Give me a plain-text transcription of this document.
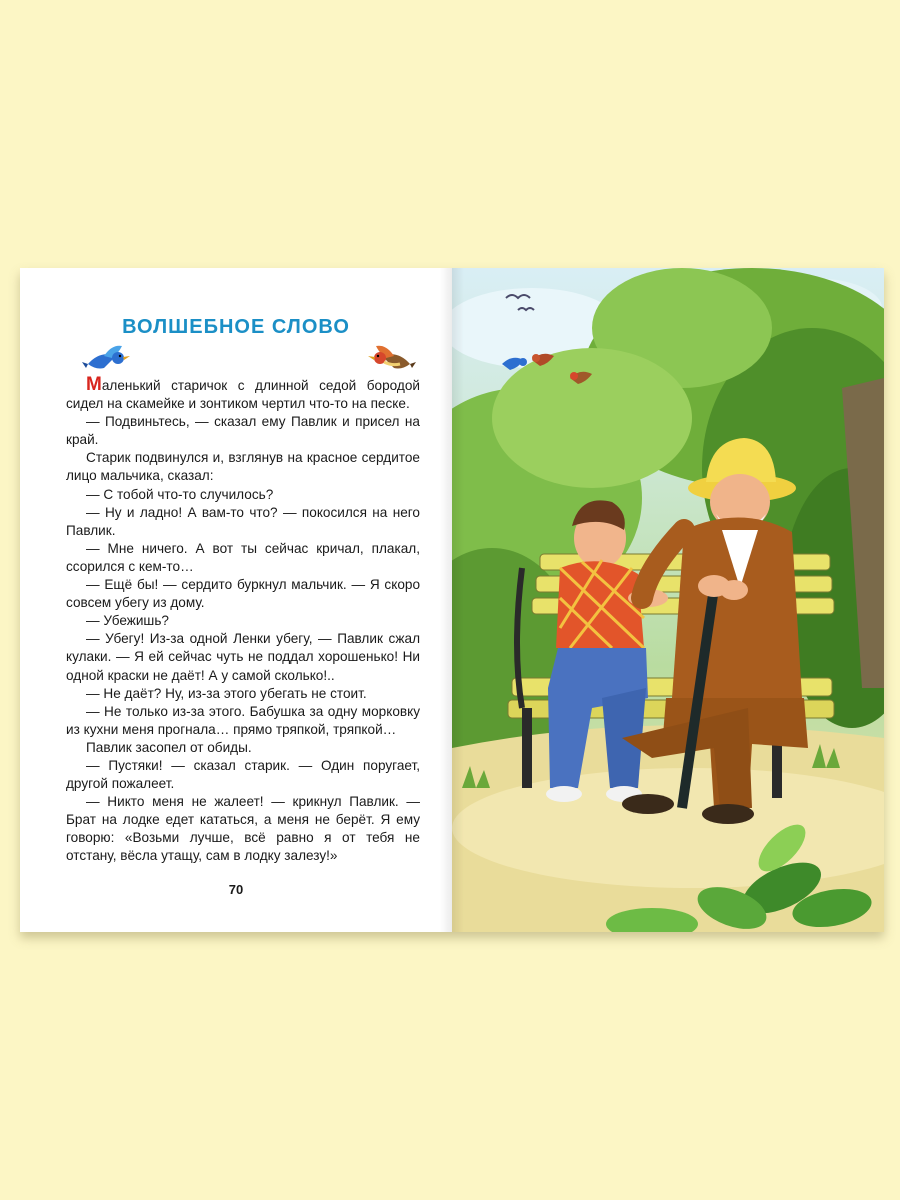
ВОЛШЕБНОЕ СЛОВО

Маленький старичок с длинной седой бородой сидел на скамейке и зонтиком чертил что-то на песке.

— Подвиньтесь, — сказал ему Павлик и присел на край.

Старик подвинулся и, взглянув на красное сердитое лицо мальчика, сказал:

— С тобой что-то случилось?

— Ну и ладно! А вам-то что? — покосился на него Павлик.

— Мне ничего. А вот ты сейчас кричал, плакал, ссорился с кем-то…

— Ещё бы! — сердито буркнул мальчик. — Я скоро совсем убегу из дому.

— Убежишь?

— Убегу! Из-за одной Ленки убегу, — Павлик сжал кулаки. — Я ей сейчас чуть не поддал хорошенько! Ни одной краски не даёт! А у самой сколько!..

— Не даёт? Ну, из-за этого убегать не стоит.

— Не только из-за этого. Бабушка за одну морковку из кухни меня прогнала… прямо тряпкой, тряпкой…

Павлик засопел от обиды.

— Пустяки! — сказал старик. — Один поругает, другой пожалеет.

— Никто меня не жалеет! — крикнул Павлик. — Брат на лодке едет кататься, а меня не берёт. Я ему говорю: «Возьми лучше, всё равно я от тебя не отстану, вёсла утащу, сам в лодку залезу!»

70
